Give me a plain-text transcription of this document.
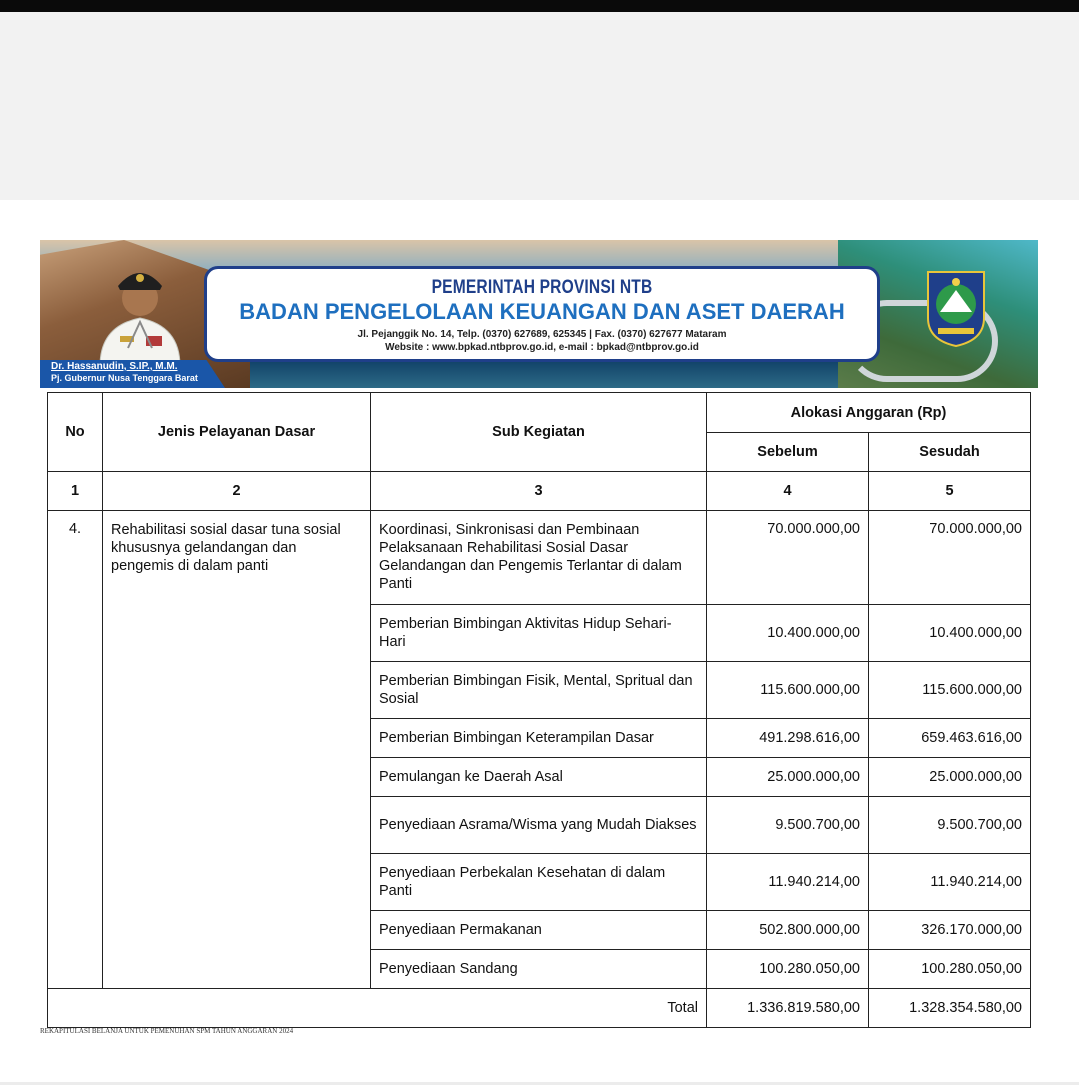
Dr. Hassanudin, S.IP., M.M.
Pj. Gubernur Nusa Tenggara Barat
PEMERINTAH PROVINSI NTB
BADAN PENGELOLAAN KEUANGAN DAN ASET DAERAH
Jl. Pejanggik No. 14, Telp. (0370) 627689, 625345 | Fax. (0370) 627677 Mataram
Website : www.bpkad.ntbprov.go.id, e-mail : bpkad@ntbprov.go.id
No	Jenis Pelayanan Dasar	Sub Kegiatan	Alokasi Anggaran (Rp)	
			Sebelum	Sesudah
1	2	3	4	5
4.	Rehabilitasi sosial dasar tuna sosial khususnya gelandangan dan pengemis di dalam panti	Koordinasi, Sinkronisasi dan Pembinaan Pelaksanaan Rehabilitasi Sosial Dasar Gelandangan dan Pengemis Terlantar di dalam Panti	70.000.000,00	70.000.000,00
		Pemberian Bimbingan Aktivitas Hidup Sehari-Hari	10.400.000,00	10.400.000,00
		Pemberian Bimbingan Fisik, Mental, Spritual dan Sosial	115.600.000,00	115.600.000,00
		Pemberian Bimbingan Keterampilan Dasar	491.298.616,00	659.463.616,00
		Pemulangan ke Daerah Asal	25.000.000,00	25.000.000,00
		Penyediaan Asrama/Wisma yang Mudah Diakses	9.500.700,00	9.500.700,00
		Penyediaan Perbekalan Kesehatan di dalam Panti	11.940.214,00	11.940.214,00
		Penyediaan Permakanan	502.800.000,00	326.170.000,00
		Penyediaan Sandang	100.280.050,00	100.280.050,00
Total			1.336.819.580,00	1.328.354.580,00
REKAPITULASI BELANJA UNTUK PEMENUHAN SPM TAHUN ANGGARAN 2024
